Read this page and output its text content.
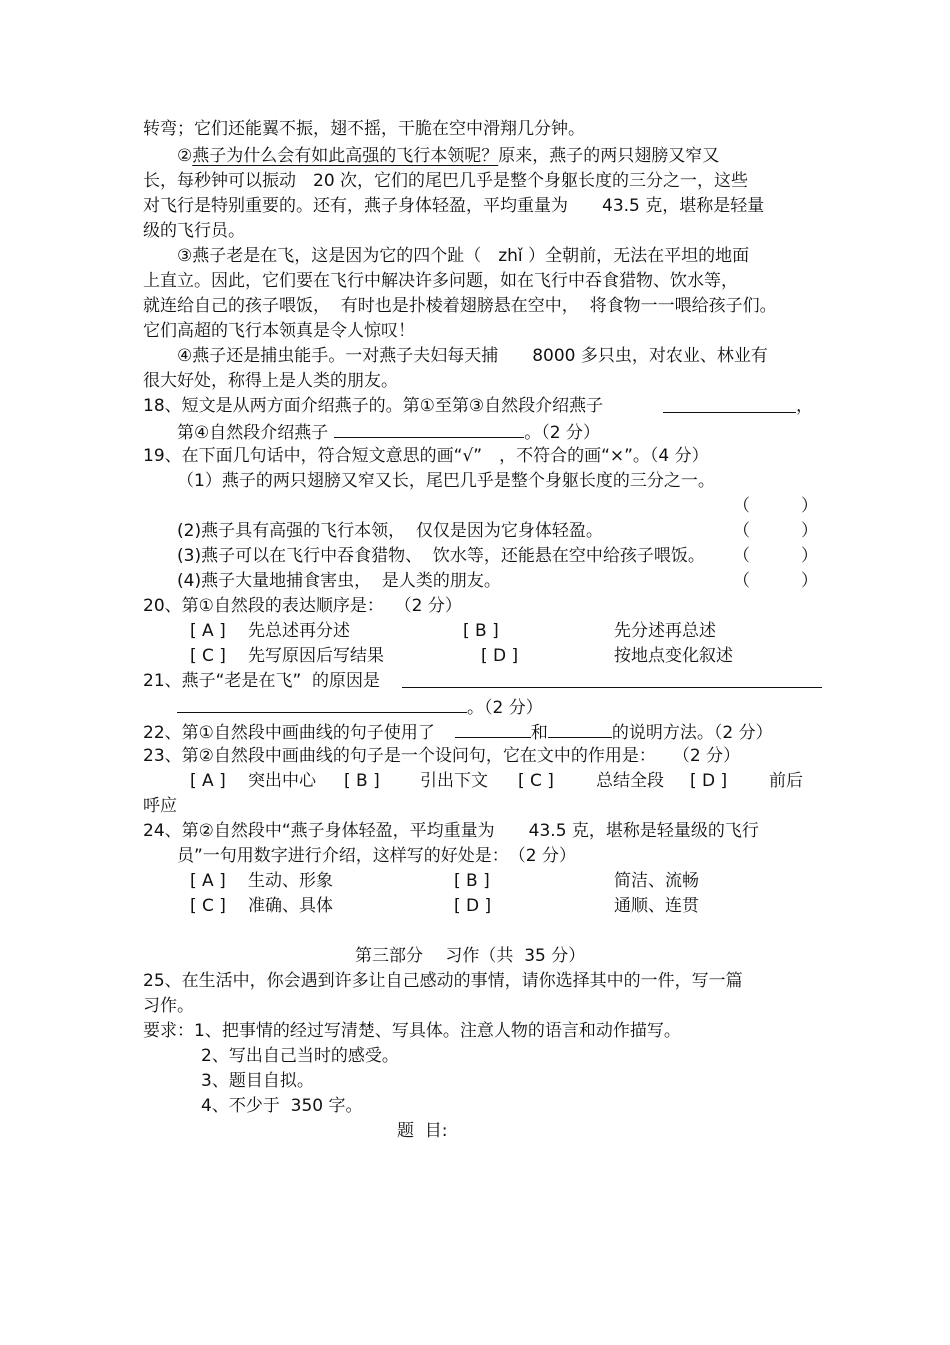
转弯；它们还能翼不振，翅不摇，干脆在空中滑翔几分钟。
②燕子为什么会有如此高强的飞行本领呢？原来，燕子的两只翅膀又窄又
长，每秒钟可以振动　20 次，它们的尾巴几乎是整个身躯长度的三分之一，这些
对飞行是特别重要的。还有，燕子身体轻盈，平均重量为　　43.5 克，堪称是轻量
级的飞行员。
③燕子老是在飞，这是因为它的四个趾（　zhǐ ）全朝前，无法在平坦的地面
上直立。因此，它们要在飞行中解决许多问题，如在飞行中吞食猎物、饮水等，
就连给自己的孩子喂饭，  有时也是扑棱着翅膀悬在空中，  将食物一一喂给孩子们。
它们高超的飞行本领真是令人惊叹！
④燕子还是捕虫能手。一对燕子夫妇每天捕　　8000 多只虫，对农业、林业有
很大好处，称得上是人类的朋友。
18、短文是从两方面介绍燕子的。第①至第③自然段介绍燕子	，
第④自然段介绍燕子	。（2 分）
19、在下面几句话中，符合短文意思的画“√”　，不符合的画“×”。（4 分）
（1）燕子的两只翅膀又窄又长，尾巴几乎是整个身躯长度的三分之一。
（　　　）
(2)燕子具有高强的飞行本领，  仅仅是因为它身体轻盈。	（　　　）
(3)燕子可以在飞行中吞食猎物、  饮水等，还能悬在空中给孩子喂饭。 （　　　）
(4)燕子大量地捕食害虫，  是人类的朋友。	（　　　）
20、第①自然段的表达顺序是：  （2 分）
[ A ] 先总述再分述	[ B ]	先分述再总述
[ C ] 先写原因后写结果	[ D ]	按地点变化叙述
21、燕子“老是在飞”  的原因是
。（2 分）
22、第①自然段中画曲线的句子使用了	和	的说明方法。（2 分）
23、第②自然段中画曲线的句子是一个设问句，它在文中的作用是：　　（2 分）
[ A ] 突出中心 [ B ] 引出下文 [ C ] 总结全段 [ D ] 前后
呼应
24、第②自然段中“燕子身体轻盈，平均重量为　　43.5 克，堪称是轻量级的飞行
员”一句用数字进行介绍，这样写的好处是：　（2 分）
[ A ] 生动、形象	[ B ]	简洁、流畅
[ C ] 准确、具体	[ D ]	通顺、连贯
第三部分　 习作（共  35 分）
25、在生活中，你会遇到许多让自己感动的事情，请你选择其中的一件，写一篇
习作。
要求：1、把事情的经过写清楚、写具体。注意人物的语言和动作描写。
2、写出自己当时的感受。
3、题目自拟。
4、不少于  350 字。
题  目:
